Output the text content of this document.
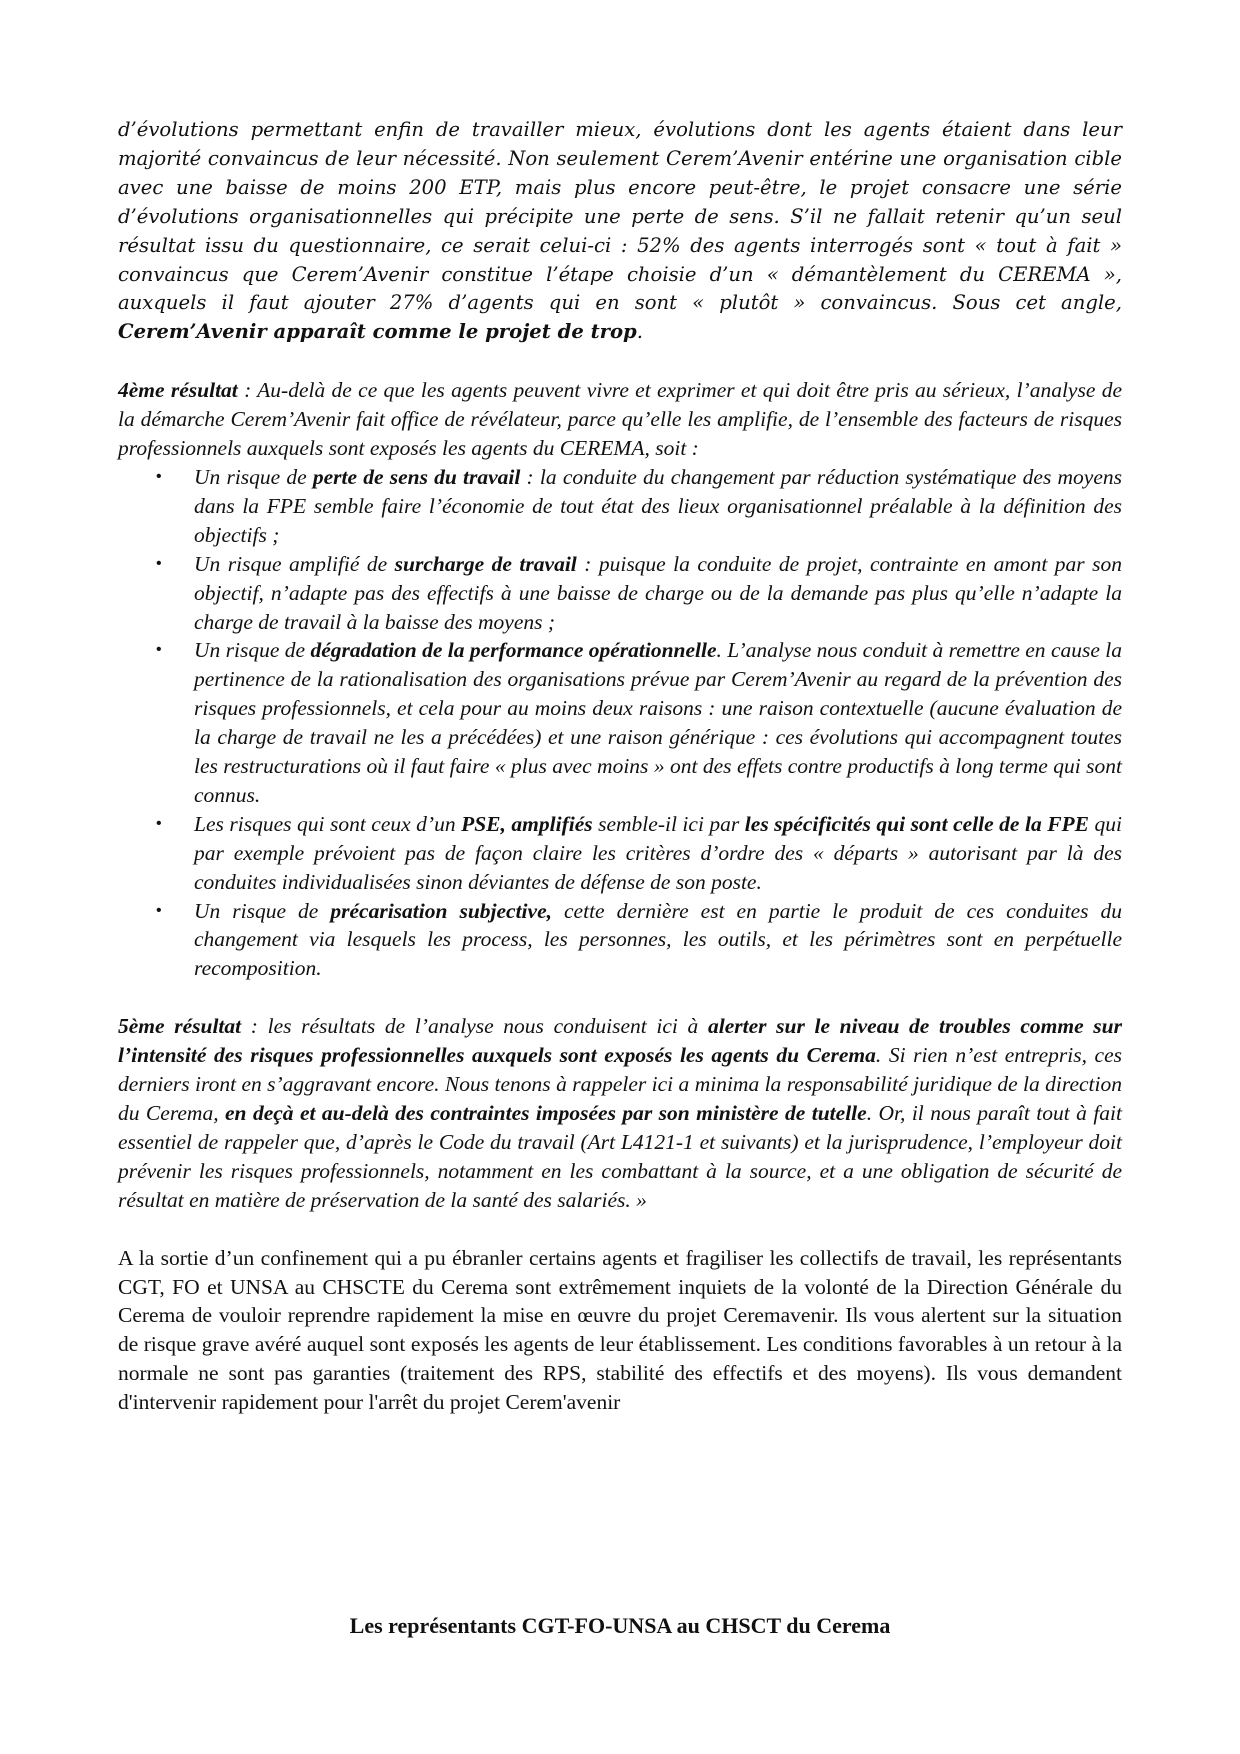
d’évolutions permettant enfin de travailler mieux, évolutions dont les agents étaient dans leur majorité convaincus de leur nécessité. Non seulement Cerem’Avenir entérine une organisation cible avec une baisse de moins 200 ETP, mais plus encore peut-être, le projet consacre une série d’évolutions organisationnelles qui précipite une perte de sens. S’il ne fallait retenir qu’un seul résultat issu du questionnaire, ce serait celui-ci : 52% des agents interrogés sont « tout à fait » convaincus que Cerem’Avenir constitue l’étape choisie d’un « démantèlement du CEREMA », auxquels il faut ajouter 27% d’agents qui en sont « plutôt » convaincus. Sous cet angle, Cerem’Avenir apparaît comme le projet de trop.

4ème résultat : Au-delà de ce que les agents peuvent vivre et exprimer et qui doit être pris au sérieux, l’analyse de la démarche Cerem’Avenir fait office de révélateur, parce qu’elle les amplifie, de l’ensemble des facteurs de risques professionnels auxquels sont exposés les agents du CEREMA, soit :

• Un risque de perte de sens du travail : la conduite du changement par réduction systématique des moyens dans la FPE semble faire l’économie de tout état des lieux organisationnel préalable à la définition des objectifs ;
• Un risque amplifié de surcharge de travail : puisque la conduite de projet, contrainte en amont par son objectif, n’adapte pas des effectifs à une baisse de charge ou de la demande pas plus qu’elle n’adapte la charge de travail à la baisse des moyens ;
• Un risque de dégradation de la performance opérationnelle. L’analyse nous conduit à remettre en cause la pertinence de la rationalisation des organisations prévue par Cerem’Avenir au regard de la prévention des risques professionnels, et cela pour au moins deux raisons : une raison contextuelle (aucune évaluation de la charge de travail ne les a précédées) et une raison générique : ces évolutions qui accompagnent toutes les restructurations où il faut faire « plus avec moins » ont des effets contre productifs à long terme qui sont connus.
• Les risques qui sont ceux d’un PSE, amplifiés semble-il ici par les spécificités qui sont celle de la FPE qui par exemple prévoient pas de façon claire les critères d’ordre des « départs » autorisant par là des conduites individualisées sinon déviantes de défense de son poste.
• Un risque de précarisation subjective, cette dernière est en partie le produit de ces conduites du changement via lesquels les process, les personnes, les outils, et les périmètres sont en perpétuelle recomposition.

5ème résultat : les résultats de l’analyse nous conduisent ici à alerter sur le niveau de troubles comme sur l’intensité des risques professionnelles auxquels sont exposés les agents du Cerema. Si rien n’est entrepris, ces derniers iront en s’aggravant encore. Nous tenons à rappeler ici a minima la responsabilité juridique de la direction du Cerema, en deçà et au-delà des contraintes imposées par son ministère de tutelle. Or, il nous paraît tout à fait essentiel de rappeler que, d’après le Code du travail (Art L4121-1 et suivants) et la jurisprudence, l’employeur doit prévenir les risques professionnels, notamment en les combattant à la source, et a une obligation de sécurité de résultat en matière de préservation de la santé des salariés. »

A la sortie d’un confinement qui a pu ébranler certains agents et fragiliser les collectifs de travail, les représentants CGT, FO et UNSA au CHSCTE du Cerema sont extrêmement inquiets de la volonté de la Direction Générale du Cerema de vouloir reprendre rapidement la mise en œuvre du projet Ceremavenir. Ils vous alertent sur la situation de risque grave avéré auquel sont exposés les agents de leur établissement. Les conditions favorables à un retour à la normale ne sont pas garanties (traitement des RPS, stabilité des effectifs et des moyens). Ils vous demandent d'intervenir rapidement pour l'arrêt du projet Cerem'avenir

Les représentants CGT-FO-UNSA au CHSCT du Cerema
